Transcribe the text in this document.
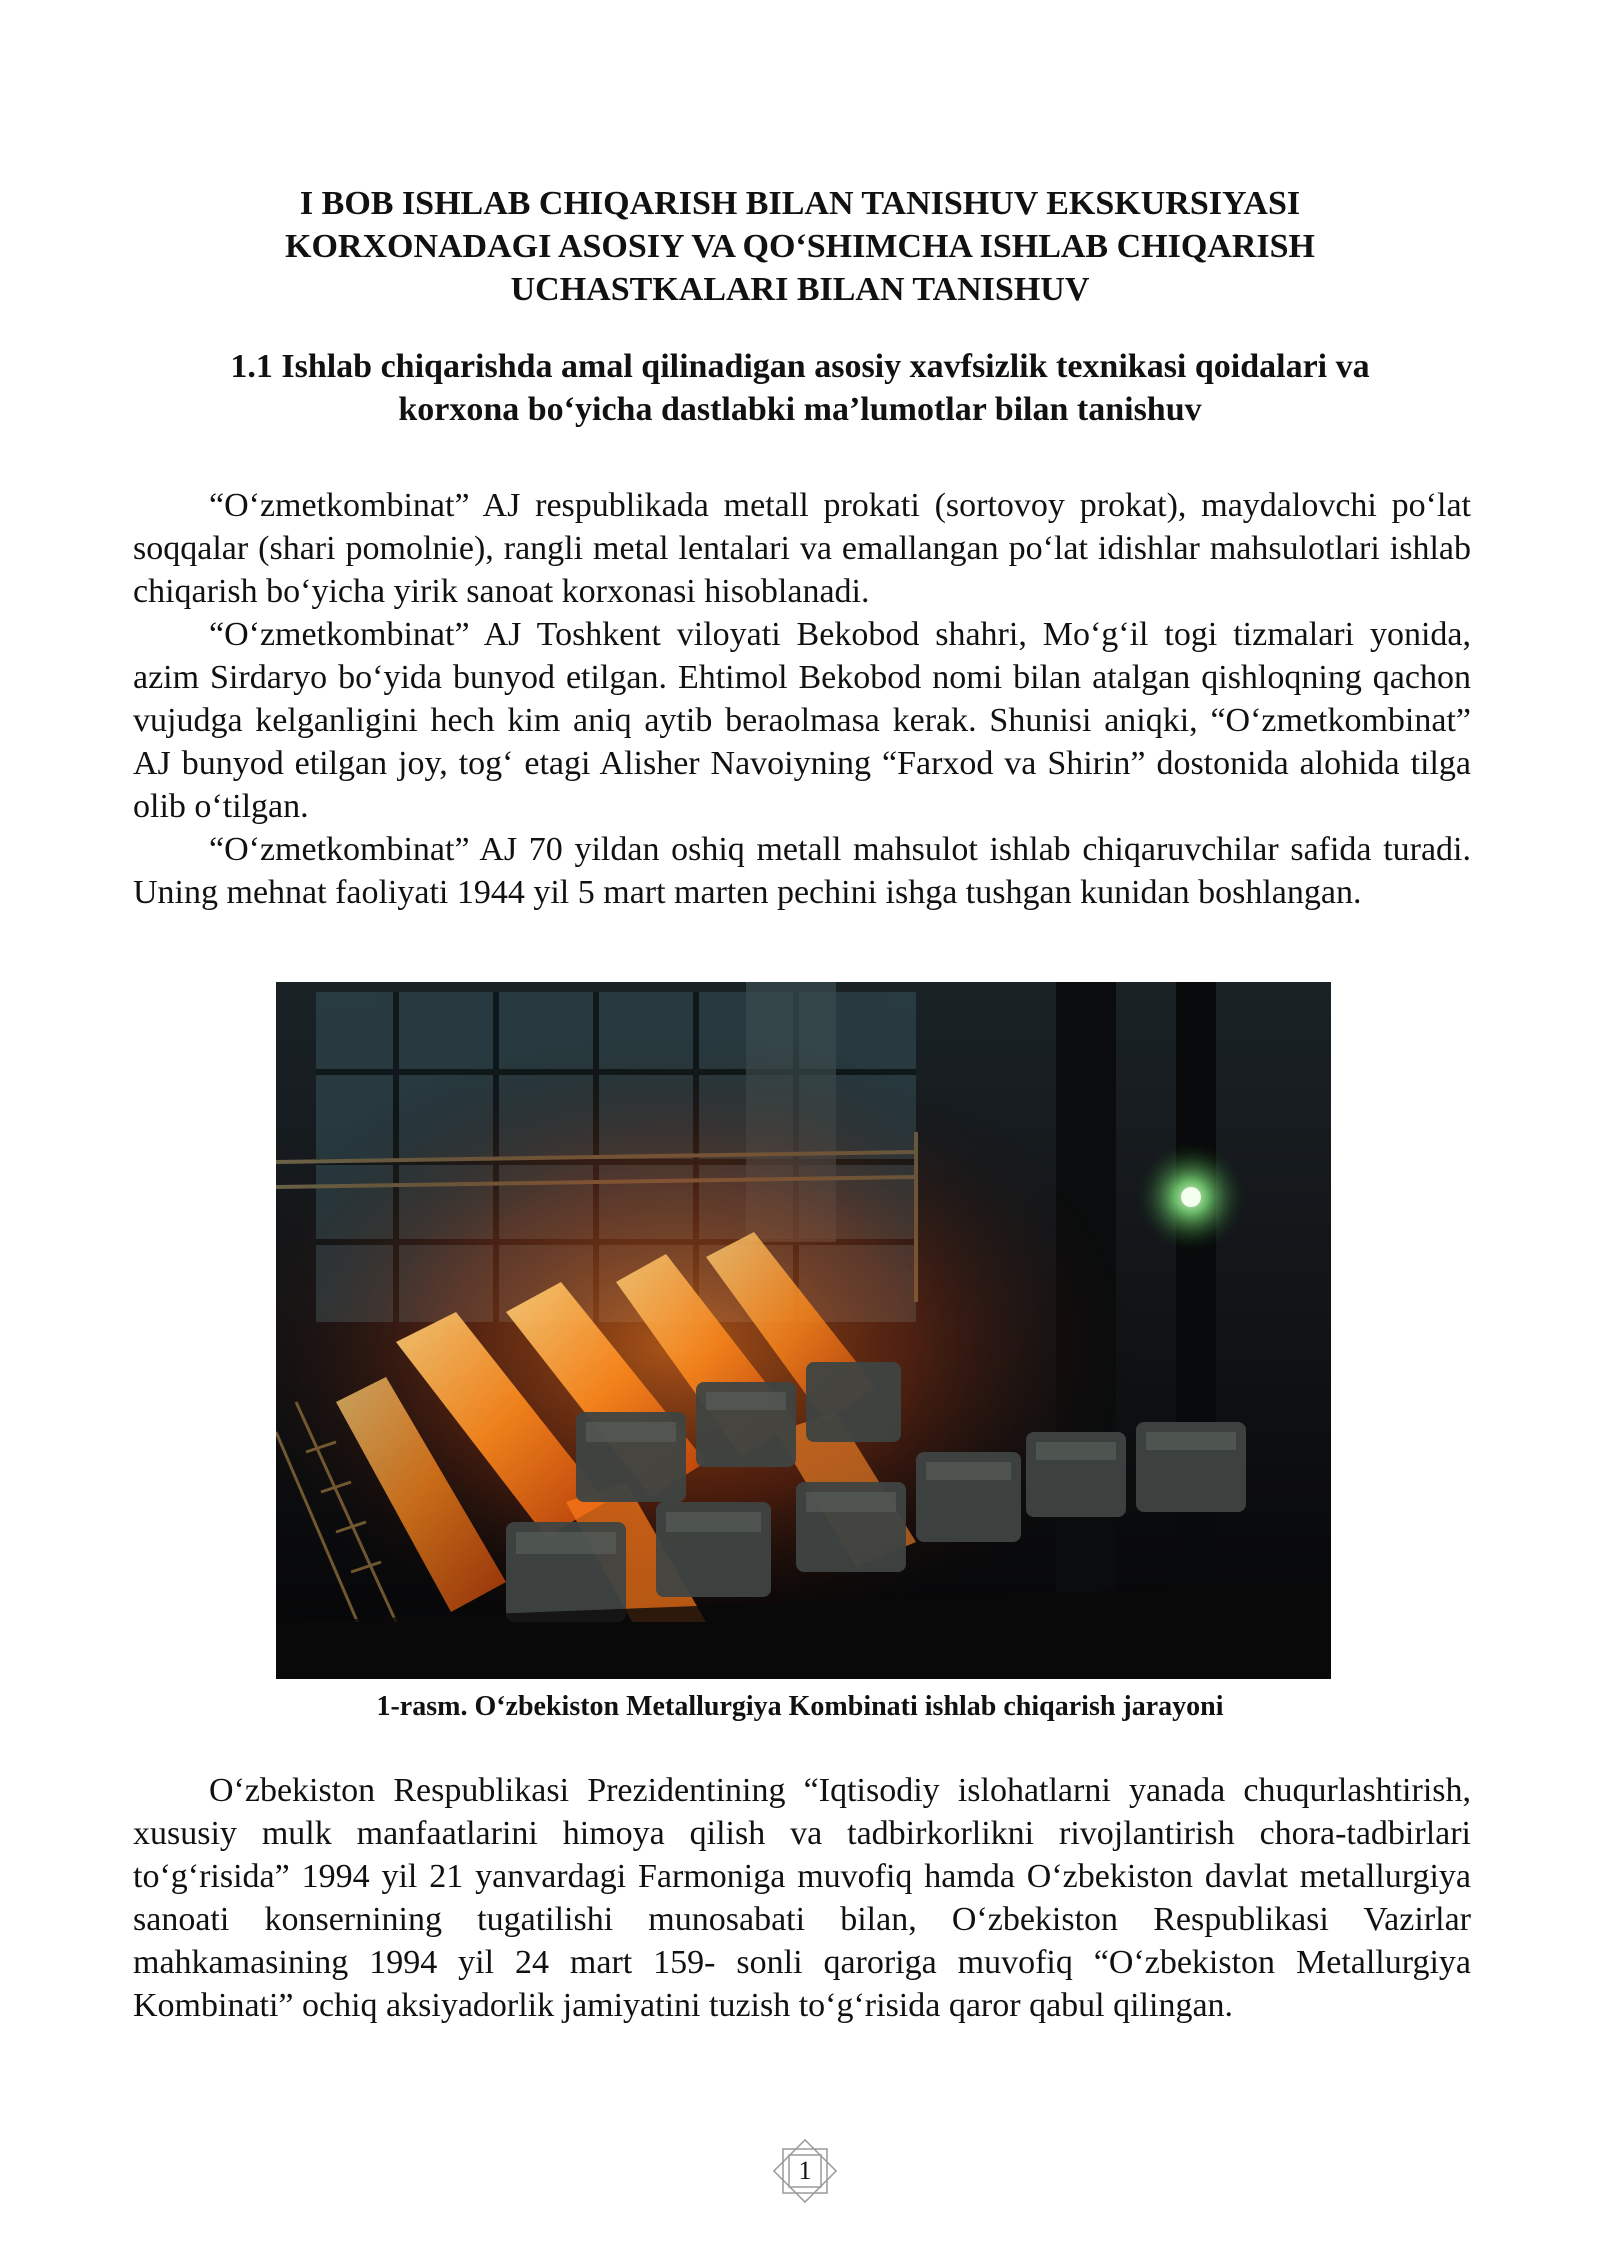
I BOB ISHLAB CHIQARISH BILAN TANISHUV EKSKURSIYASI
KORXONADAGI ASOSIY VA QO‘SHIMCHA ISHLAB CHIQARISH
UCHASTKALARI BILAN TANISHUV
1.1 Ishlab chiqarishda amal qilinadigan asosiy xavfsizlik texnikasi qoidalari va
korxona bo‘yicha dastlabki ma’lumotlar bilan tanishuv

“O‘zmetkombinat” AJ respublikada metall prokati (sortovoy prokat), maydalovchi po‘lat soqqalar (shari pomolnie), rangli metal lentalari va emallangan po‘lat idishlar mahsulotlari ishlab chiqarish bo‘yicha yirik sanoat korxonasi hisoblanadi.

“O‘zmetkombinat” AJ Toshkent viloyati Bekobod shahri, Mo‘g‘il togi tizmalari yonida, azim Sirdaryo bo‘yida bunyod etilgan. Ehtimol Bekobod nomi bilan atalgan qishloqning qachon vujudga kelganligini hech kim aniq aytib beraolmasa kerak. Shunisi aniqki, “O‘zmetkombinat” AJ bunyod etilgan joy, tog‘ etagi Alisher Navoiyning “Farxod va Shirin” dostonida alohida tilga olib o‘tilgan.

“O‘zmetkombinat” AJ 70 yildan oshiq metall mahsulot ishlab chiqaruvchilar safida turadi. Uning mehnat faoliyati 1944 yil 5 mart marten pechini ishga tushgan kunidan boshlangan.

1-rasm. O‘zbekiston Metallurgiya Kombinati ishlab chiqarish jarayoni

O‘zbekiston Respublikasi Prezidentining “Iqtisodiy islohatlarni yanada chuqurlashtirish, xususiy mulk manfaatlarini himoya qilish va tadbirkorlikni rivojlantirish chora-tadbirlari to‘g‘risida” 1994 yil 21 yanvardagi Farmoniga muvofiq hamda O‘zbekiston davlat metallurgiya sanoati konsernining tugatilishi munosabati bilan, O‘zbekiston Respublikasi Vazirlar mahkamasining 1994 yil 24 mart 159- sonli qaroriga muvofiq “O‘zbekiston Metallurgiya Kombinati” ochiq aksiyadorlik jamiyatini tuzish to‘g‘risida qaror qabul qilingan.

1
